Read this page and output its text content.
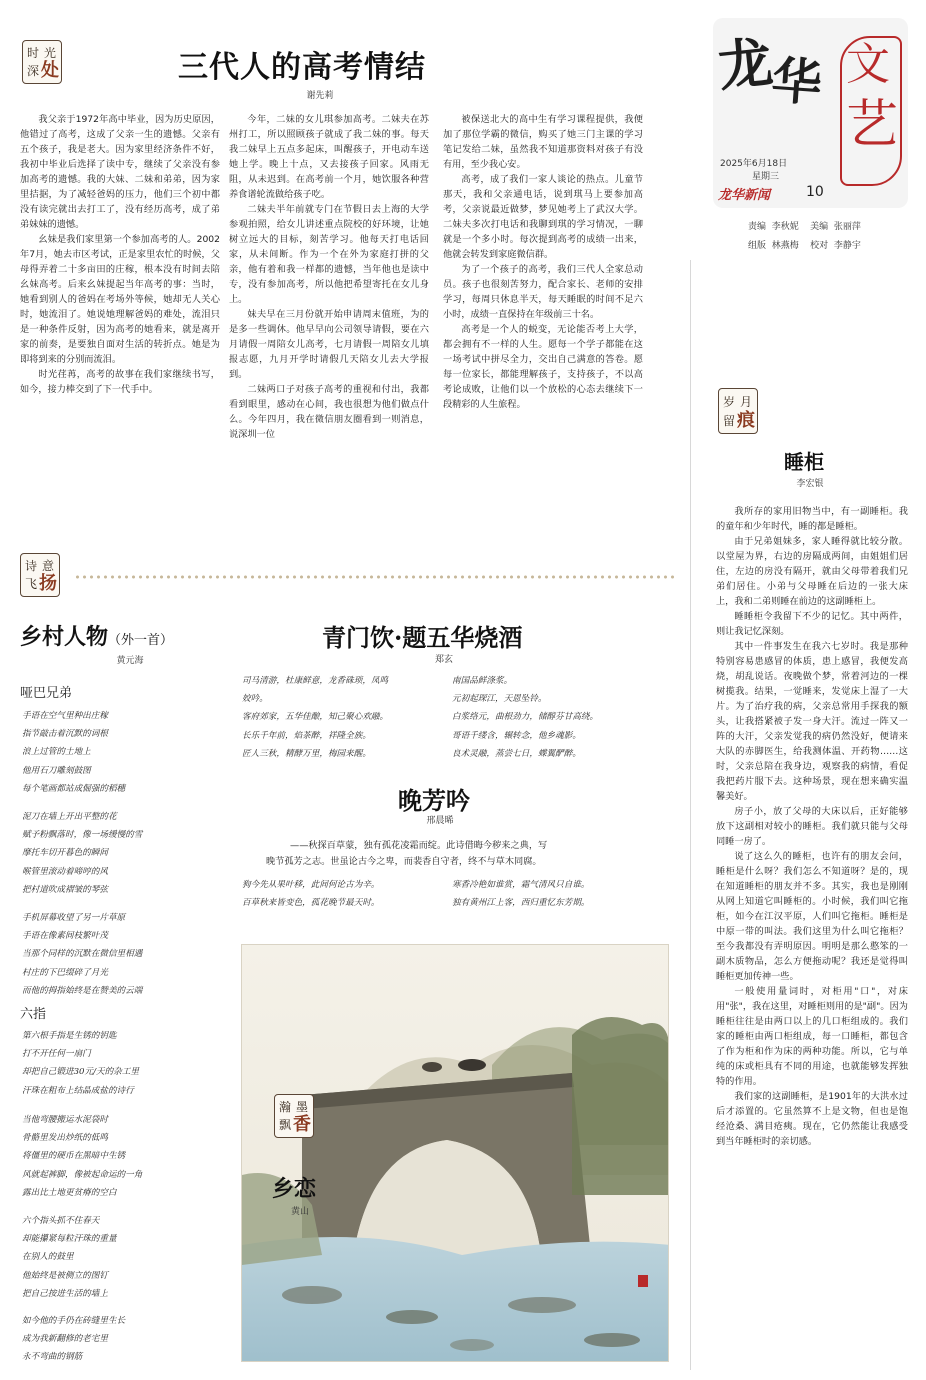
龙
华 文
艺
2025年6月18日
星期三
龙华新闻	10
责编  李秋妮    美编  张丽萍
组版  林燕梅    校对  李静宇
时 光
深 处	三代人的高考情结
谢先莉

我父亲于1972年高中毕业，因为历史原因，他错过了高考，这成了父亲一生的遗憾。父亲有五个孩子，我是老大。因为家里经济条件不好，我初中毕业后选择了读中专，继续了父亲没有参加高考的遗憾。我的大妹、二妹和弟弟，因为家里拮据，为了减轻爸妈的压力，他们三个初中都没有读完就出去打工了，没有经历高考，成了弟弟妹妹的遗憾。

幺妹是我们家里第一个参加高考的人。2002年7月，她去市区考试，正是家里农忙的时候，父母得弄着二十多亩田的庄稼，根本没有时间去陪幺妹高考。后来幺妹提起当年高考的事：当时，她看到别人的爸妈在考场外等候，她却无人关心时，她流泪了。她说她理解爸妈的难处，流泪只是一种条件反射，因为高考的她看来，就是离开家的前奏，是要独自面对生活的转折点。她是为即将到来的分别而流泪。

时光荏苒，高考的故事在我们家继续书写，如今，接力棒交到了下一代手中。

今年，二妹的女儿琪参加高考。二妹夫在苏州打工，所以照顾孩子就成了我二妹的事。每天我二妹早上五点多起床，叫醒孩子，开电动车送她上学。晚上十点，又去接孩子回家。风雨无阻，从未迟到。在高考前一个月，她饮服各种营养食谱轮流做给孩子吃。

二妹夫半年前就专门在节假日去上海的大学参观拍照，给女儿讲述重点院校的好环境，让她树立远大的目标，刻苦学习。他每天打电话回家，从未间断。作为一个在外为家庭打拼的父亲，他有着和我一样都的遗憾，当年他也是读中专，没有参加高考，所以他把希望寄托在女儿身上。

妹夫早在三月份就开始申请周末值班，为的是多一些调休。他早早向公司领导请假，要在六月请假一周陪女儿高考，七月请假一周陪女儿填报志愿，九月开学时请假几天陪女儿去大学报到。

二妹两口子对孩子高考的重视和付出，我都看到眼里，感动在心间，我也很想为他们做点什么。今年四月，我在微信朋友圈看到一则消息，说深圳一位

被保送北大的高中生有学习课程提供，我便加了那位学霸的微信，购买了她三门主课的学习笔记发给二妹，虽然我不知道那资料对孩子有没有用，至少我心安。

高考，成了我们一家人谈论的热点。儿童节那天，我和父亲通电话，说到琪马上要参加高考，父亲说最近做梦，梦见她考上了武汉大学。二妹夫多次打电话和我聊到琪的学习情况，一聊就是一个多小时。每次提到高考的成绩一出来，他就会转发到家庭微信群。

为了一个孩子的高考，我们三代人全家总动员。孩子也很刻苦努力，配合家长、老师的安排学习，每周只休息半天，每天睡眠的时间不足六小时，成绩一直保持在年级前三十名。

高考是一个人的蜕变，无论能否考上大学，都会拥有不一样的人生。愿每一个学子都能在这一场考试中拼尽全力，交出自己满意的答卷。愿每一位家长，都能理解孩子，支持孩子，不以高考论成败，让他们以一个放松的心态去继续下一段精彩的人生旅程。	岁 月
留 痕
睡柜
李宏银

我所存的家用旧物当中，有一副睡柜。我的童年和少年时代，睡的都是睡柜。

由于兄弟姐妹多，家人睡得就比较分散。以堂屋为界，右边的房隔成两间，由姐姐们居住，左边的房没有隔开，就由父母带着我们兄弟们居住。小弟与父母睡在后边的一张大床上，我和二弟则睡在前边的这副睡柜上。

睡睡柜令我留下不少的记忆。其中两件，则让我记忆深刻。

其中一件事发生在我六七岁时。我是那种特别容易患感冒的体质，患上感冒，我便发高烧，胡乱说话。夜晚做个梦，常着河边的一棵树揽我。结果，一觉睡来，发觉床上湿了一大片。为了治疗我的病，父亲总常用手探我的额头，让我搭紧被子发一身大汗。流过一阵又一阵的大汗，父亲发觉我的病仍然没好，便请来大队的赤脚医生，给我测体温、开药物……这时，父亲总陪在我身边，观察我的病情，看促我把药片服下去。这种场景，现在想来确实温馨美好。

房子小，放了父母的大床以后，正好能够放下这副相对较小的睡柜。我们就只能与父母同睡一房了。

说了这么久的睡柜，也许有的朋友会问，睡柜是什么呀？我们怎么不知道呀？是的，现在知道睡柜的朋友并不多。其实，我也是刚刚从网上知道它叫睡柜的。小时候，我们叫它拖柜，如今在江汉平原，人们叫它拖柜。睡柜是中原一带的叫法。我们这里为什么叫它拖柜？至今我都没有弄明原因。明明是那么憨笨的一副木质物品，怎么方便拖动呢？我还是觉得叫睡柜更加传神一些。

一般使用量词时，对柜用"口"，对床用"张"，我在这里，对睡柜则用的是"副"。因为睡柜往往是由两口以上的几口柜组成的。我们家的睡柜由两口柜组成，每一口睡柜，都包含了作为柜和作为床的两种功能。所以，它与单纯的床或柜具有不同的用途，也就能够发挥独特的作用。

我们家的这副睡柜，是1901年的大洪水过后才添置的。它虽然算不上是文物，但也是饱经沧桑、满目疮痍。现在，它仍然能让我感受到当年睡柜时的亲切感。

诗 意
飞 扬
乡村人物（外一首）
黄元海
哑巴兄弟
手语在空气里种出庄稼
指节敲击着沉默的词根
浪上过管的土地上
他用石刀雕刻鼓图
每个笔画都站成倔强的稻穗
泥刀在墙上开出平整的花
赋予粉飘落时，像一场缓慢的雪
摩托车切开暮色的瞬间
喉管里滚动着啼哼的风
把村道吹成褶皱的琴弦
手机屏幕收望了另一片草原
手语在像素间枝繁叶茂
当那个同样的沉默在微信里相遇
村庄的下巴缀碎了月光
而他的拇指始终是在赞美的云端
六指
第六根手指是生锈的钥匙
打不开任何一扇门
却把自己锻进30元/天的杂工里
汗珠在粗布上结晶成盐的诗行
当他弯腰搬运水泥袋时
骨骼里发出炒纸的低鸣
将僵里的硬币在黑暗中生锈
风就起裤脚，像被起命运的一角
露出比土地更贫瘠的空白
六个指头抓不住春天
却能攥紧每粒汗珠的重量
在别人的鼓里
他始终是被侧立的图钉
把自己按进生活的墙上
如今他的手仍在砖缝里生长
成为我新翻修的老宅里
永不弯曲的钢筋
青门饮·题五华烧酒
郑玄
司马清游，杜康鲜意，龙香硃琐，凤鸣
姣吟。
客府郊家，五华佳酿，知己聚心欢融。
长乐千年前，焰茶醉，祥隆全族。
匠人三秋，精酵万里，梅园来醒。
南国品鲜涤浆。
元初起琛江，天恩坠铃。
白浆络元，曲根劲力，储醇芬甘高绕。
哥语千缕含，辗转念，他乡魂影。
良术灵融，蒸尝七日，蝶翼酽醉。
晚芳吟
邢晨晞
——秋探百草蒙，独有孤花凌霜而绽。此诗借晦今秽来之典，写
晚节孤芳之志。世虽论古今之卑，而裴香自守者，终不与草木同腐。
狗今先从果叶移，此间何论古为辛。
百草秋来皆变色，孤花晚节最天时。
寒香冷艳如谁赏，霜气清风只自谁。
独有黄州江上客，西归重忆东芳期。
瀚 墨
飘 香
乡恋
黄山
